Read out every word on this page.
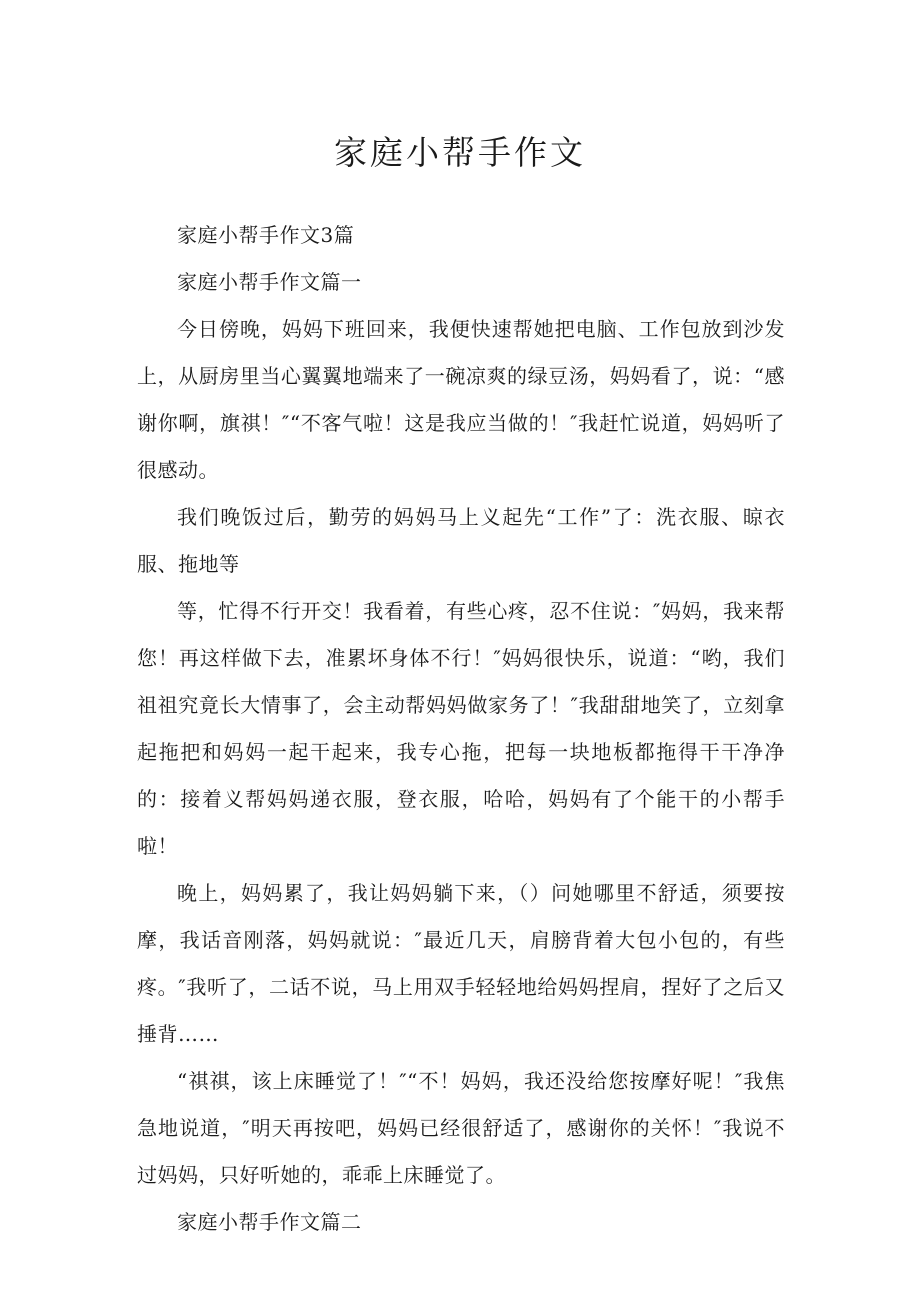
家庭小帮手作文

家庭小帮手作文3篇

家庭小帮手作文篇一

今日傍晚，妈妈下班回来，我便快速帮她把电脑、工作包放到沙发上，从厨房里当心翼翼地端来了一碗凉爽的绿豆汤，妈妈看了，说：“感谢你啊，旗祺！″“不客气啦！这是我应当做的！″我赶忙说道，妈妈听了很感动。

我们晚饭过后，勤劳的妈妈马上义起先“工作”了：洗衣服、晾衣服、拖地等

等，忙得不行开交！我看着，有些心疼，忍不住说：″妈妈，我来帮您！再这样做下去，准累坏身体不行！″妈妈很快乐，说道：“哟，我们祖祖究竟长大情事了，会主动帮妈妈做家务了！″我甜甜地笑了，立刻拿起拖把和妈妈一起干起来，我专心拖，把每一块地板都拖得干干净净的：接着义帮妈妈递衣服，登衣服，哈哈，妈妈有了个能干的小帮手啦！

晚上，妈妈累了，我让妈妈躺下来，（）问她哪里不舒适，须要按摩，我话音刚落，妈妈就说：″最近几天，肩膀背着大包小包的，有些疼。″我听了，二话不说，马上用双手轻轻地给妈妈捏肩，捏好了之后又捶背……

“祺祺，该上床睡觉了！″“不！妈妈，我还没给您按摩好呢！″我焦急地说道，″明天再按吧，妈妈已经很舒适了，感谢你的关怀！″我说不过妈妈，只好听她的，乖乖上床睡觉了。

家庭小帮手作文篇二
